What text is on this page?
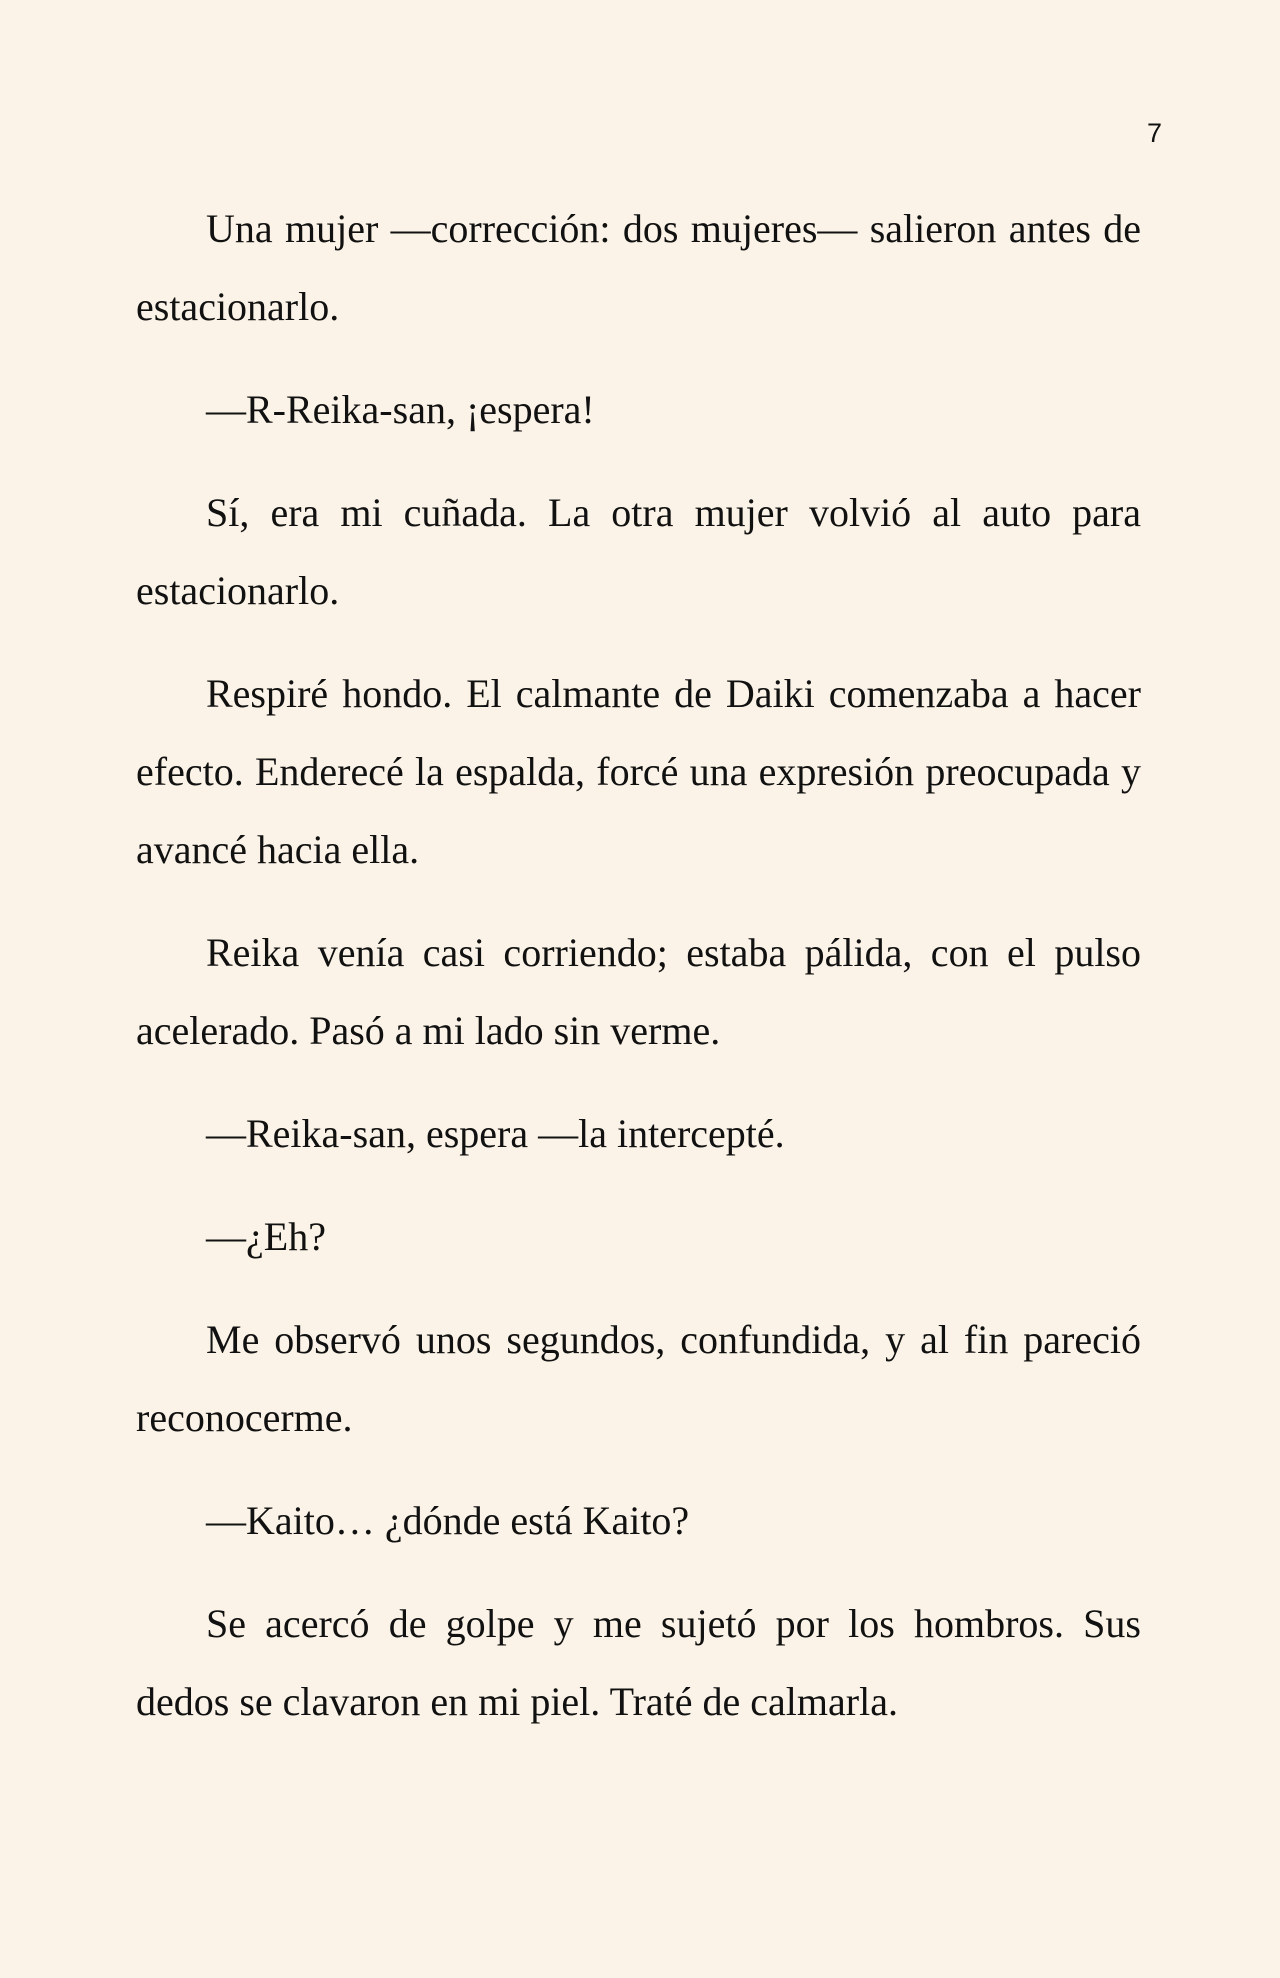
7

Una mujer —corrección: dos mujeres— salieron antes de estacionarlo.

—R-Reika-san, ¡espera!

Sí, era mi cuñada. La otra mujer volvió al auto para estacionarlo.

Respiré hondo. El calmante de Daiki comenzaba a hacer efecto. Enderecé la espalda, forcé una expresión preocupada y avancé hacia ella.

Reika venía casi corriendo; estaba pálida, con el pulso acelerado. Pasó a mi lado sin verme.

—Reika-san, espera —la intercepté.

—¿Eh?

Me observó unos segundos, confundida, y al fin pareció reconocerme.

—Kaito… ¿dónde está Kaito?

Se acercó de golpe y me sujetó por los hombros. Sus dedos se clavaron en mi piel. Traté de calmarla.
